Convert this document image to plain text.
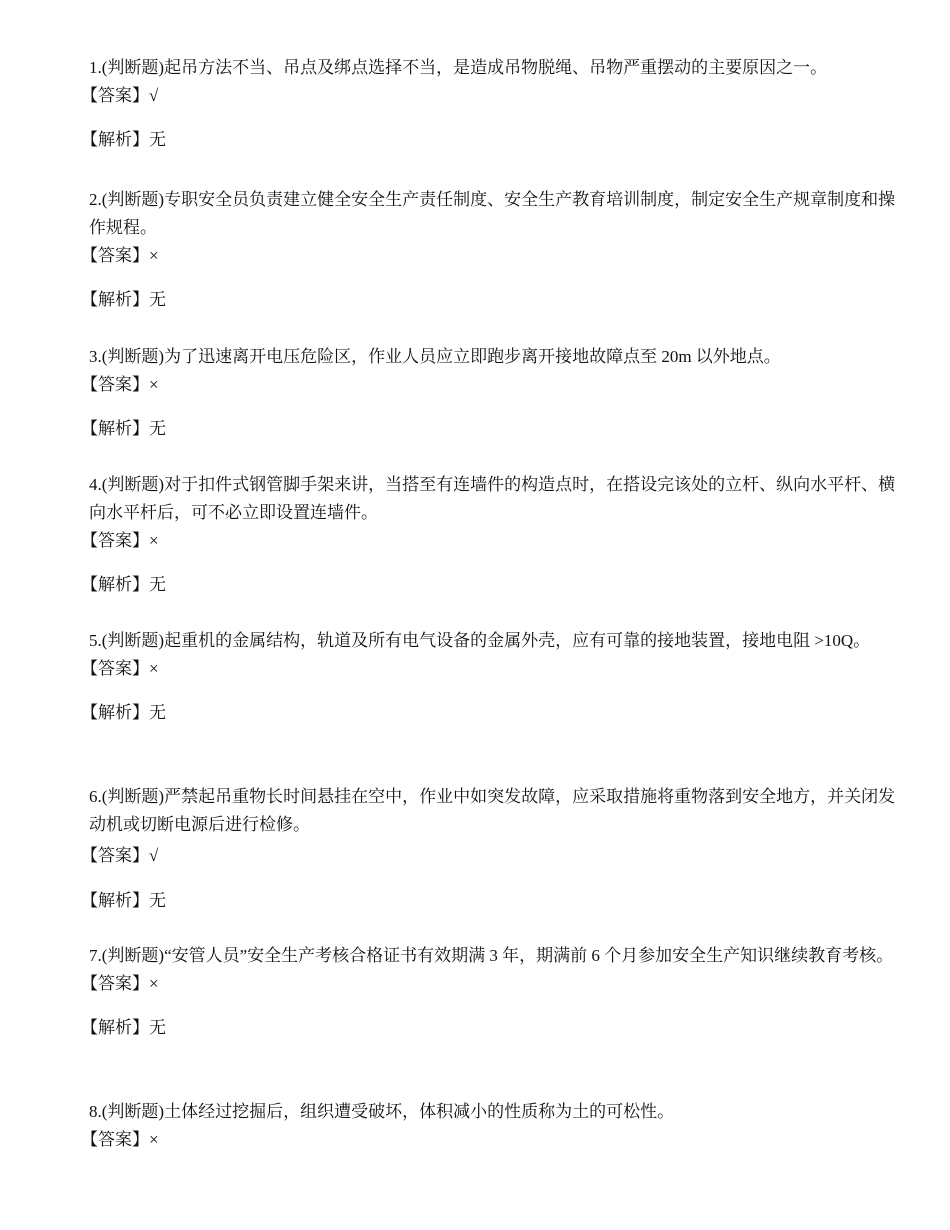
1.(判断题)起吊方法不当、吊点及绑点选择不当，是造成吊物脱绳、吊物严重摆动的主要原因之一。

【答案】√

【解析】无

2.(判断题)专职安全员负责建立健全安全生产责任制度、安全生产教育培训制度，制定安全生产规章制度和操作规程。

【答案】×

【解析】无

3.(判断题)为了迅速离开电压危险区，作业人员应立即跑步离开接地故障点至 20m 以外地点。

【答案】×

【解析】无

4.(判断题)对于扣件式钢管脚手架来讲，当搭至有连墙件的构造点时，在搭设完该处的立杆、纵向水平杆、横向水平杆后，可不必立即设置连墙件。

【答案】×

【解析】无

5.(判断题)起重机的金属结构，轨道及所有电气设备的金属外壳，应有可靠的接地装置，接地电阻 >10Q。

【答案】×

【解析】无

6.(判断题)严禁起吊重物长时间悬挂在空中，作业中如突发故障，应采取措施将重物落到安全地方，并关闭发动机或切断电源后进行检修。

【答案】√

【解析】无

7.(判断题)“安管人员”安全生产考核合格证书有效期满 3 年，期满前 6 个月参加安全生产知识继续教育考核。

【答案】×

【解析】无

8.(判断题)土体经过挖掘后，组织遭受破坏，体积减小的性质称为土的可松性。

【答案】×
